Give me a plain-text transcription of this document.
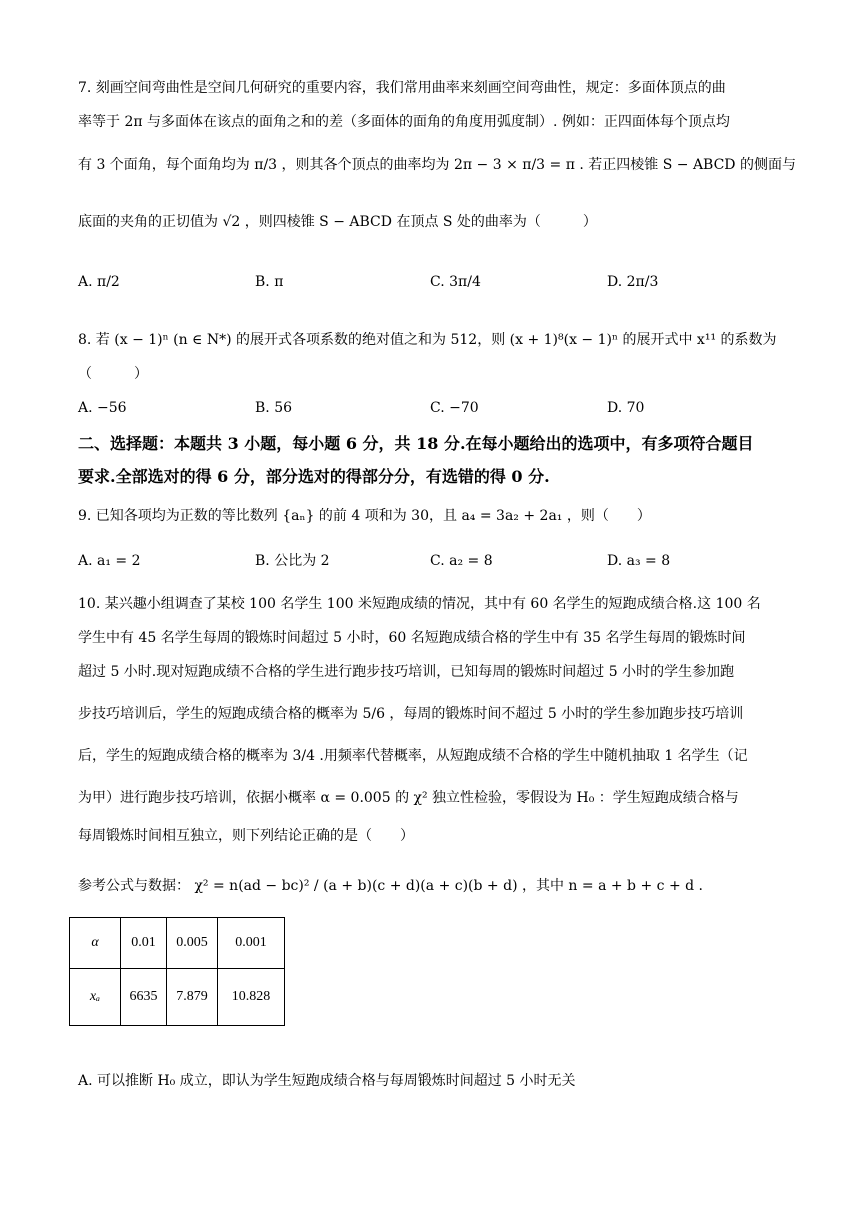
7. 刻画空间弯曲性是空间几何研究的重要内容，我们常用曲率来刻画空间弯曲性，规定：多面体顶点的曲
率等于 2π 与多面体在该点的面角之和的差（多面体的面角的角度用弧度制）. 例如：正四面体每个顶点均
有 3 个面角，每个面角均为 π/3 ，则其各个顶点的曲率均为 2π − 3 × π/3 = π . 若正四棱锥 S − ABCD 的侧面与
底面的夹角的正切值为 √2 ，则四棱锥 S − ABCD 在顶点 S 处的曲率为（　　　）
A. π/2	B. π	C. 3π/4	D. 2π/3
8. 若 (x − 1)ⁿ (n ∈ N*) 的展开式各项系数的绝对值之和为 512，则 (x + 1)⁸(x − 1)ⁿ 的展开式中 x¹¹ 的系数为
（　　　）
A. −56	B. 56	C. −70	D. 70
二、选择题：本题共 3 小题，每小题 6 分，共 18 分.在每小题给出的选项中，有多项符合题目
要求.全部选对的得 6 分，部分选对的得部分分，有选错的得 0 分.
9. 已知各项均为正数的等比数列 {aₙ} 的前 4 项和为 30，且 a₄ = 3a₂ + 2a₁ ，则（　　）
A. a₁ = 2	B. 公比为 2	C. a₂ = 8	D. a₃ = 8
10. 某兴趣小组调查了某校 100 名学生 100 米短跑成绩的情况，其中有 60 名学生的短跑成绩合格.这 100 名
学生中有 45 名学生每周的锻炼时间超过 5 小时，60 名短跑成绩合格的学生中有 35 名学生每周的锻炼时间
超过 5 小时.现对短跑成绩不合格的学生进行跑步技巧培训，已知每周的锻炼时间超过 5 小时的学生参加跑
步技巧培训后，学生的短跑成绩合格的概率为 5/6 ，每周的锻炼时间不超过 5 小时的学生参加跑步技巧培训
后，学生的短跑成绩合格的概率为 3/4 .用频率代替概率，从短跑成绩不合格的学生中随机抽取 1 名学生（记
为甲）进行跑步技巧培训，依据小概率 α = 0.005 的 χ² 独立性检验，零假设为 H₀ ：学生短跑成绩合格与
每周锻炼时间相互独立，则下列结论正确的是（　　）
参考公式与数据： χ² = n(ad − bc)² / (a + b)(c + d)(a + c)(b + d) ，其中 n = a + b + c + d .
α	0.01	0.005	0.001
xₐ	6635	7.879	10.828
A. 可以推断 H₀ 成立，即认为学生短跑成绩合格与每周锻炼时间超过 5 小时无关
